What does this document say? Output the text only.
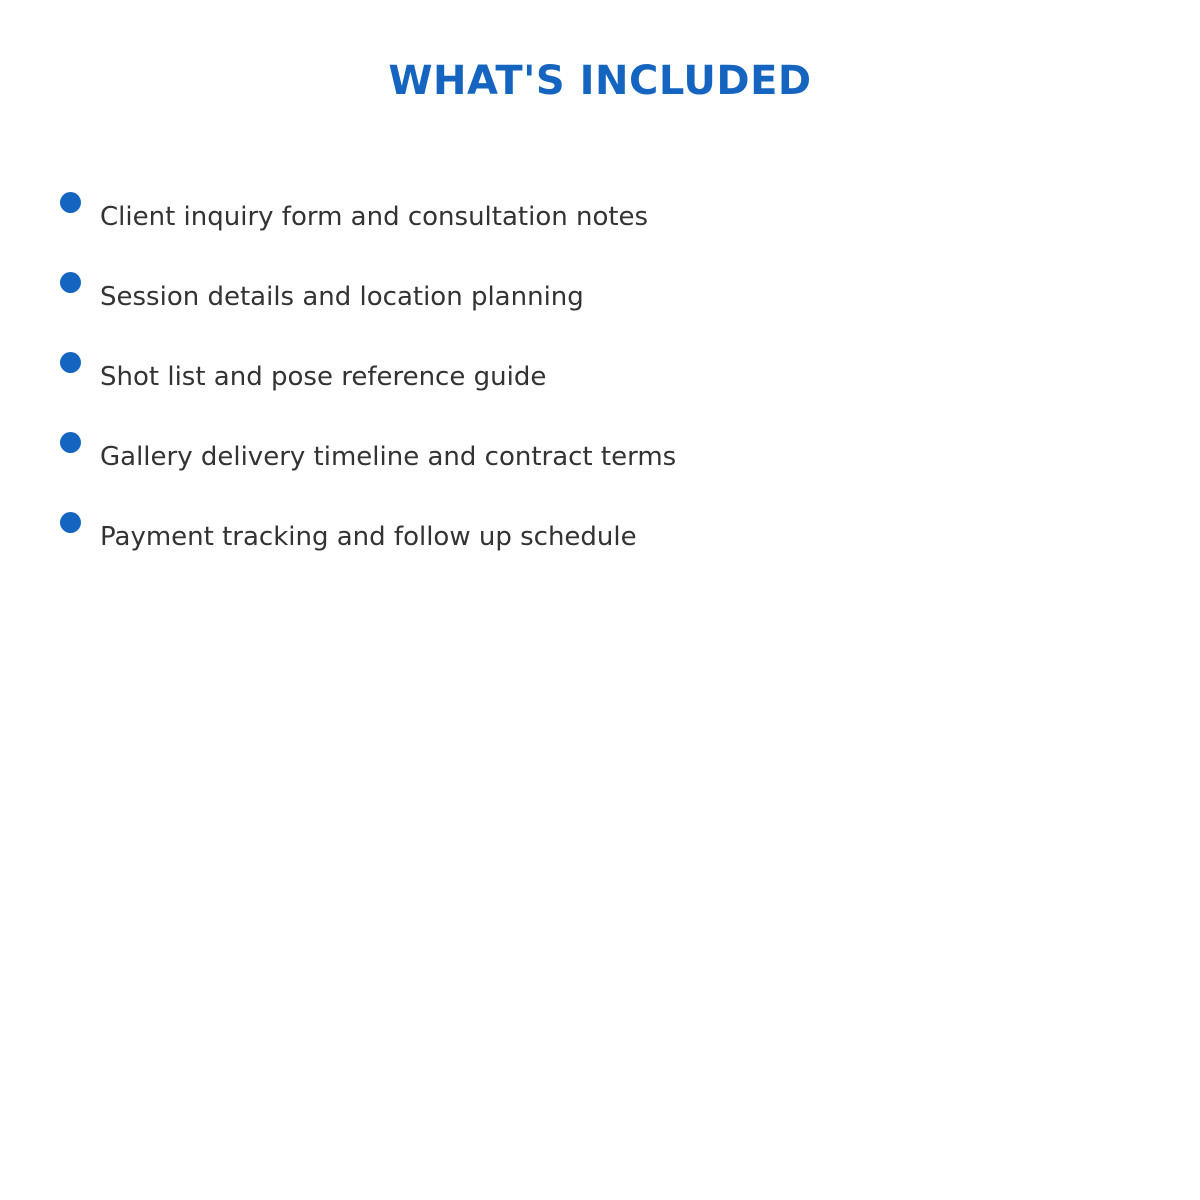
WHAT'S INCLUDED
Client inquiry form and consultation notes
Session details and location planning
Shot list and pose reference guide
Gallery delivery timeline and contract terms
Payment tracking and follow up schedule
